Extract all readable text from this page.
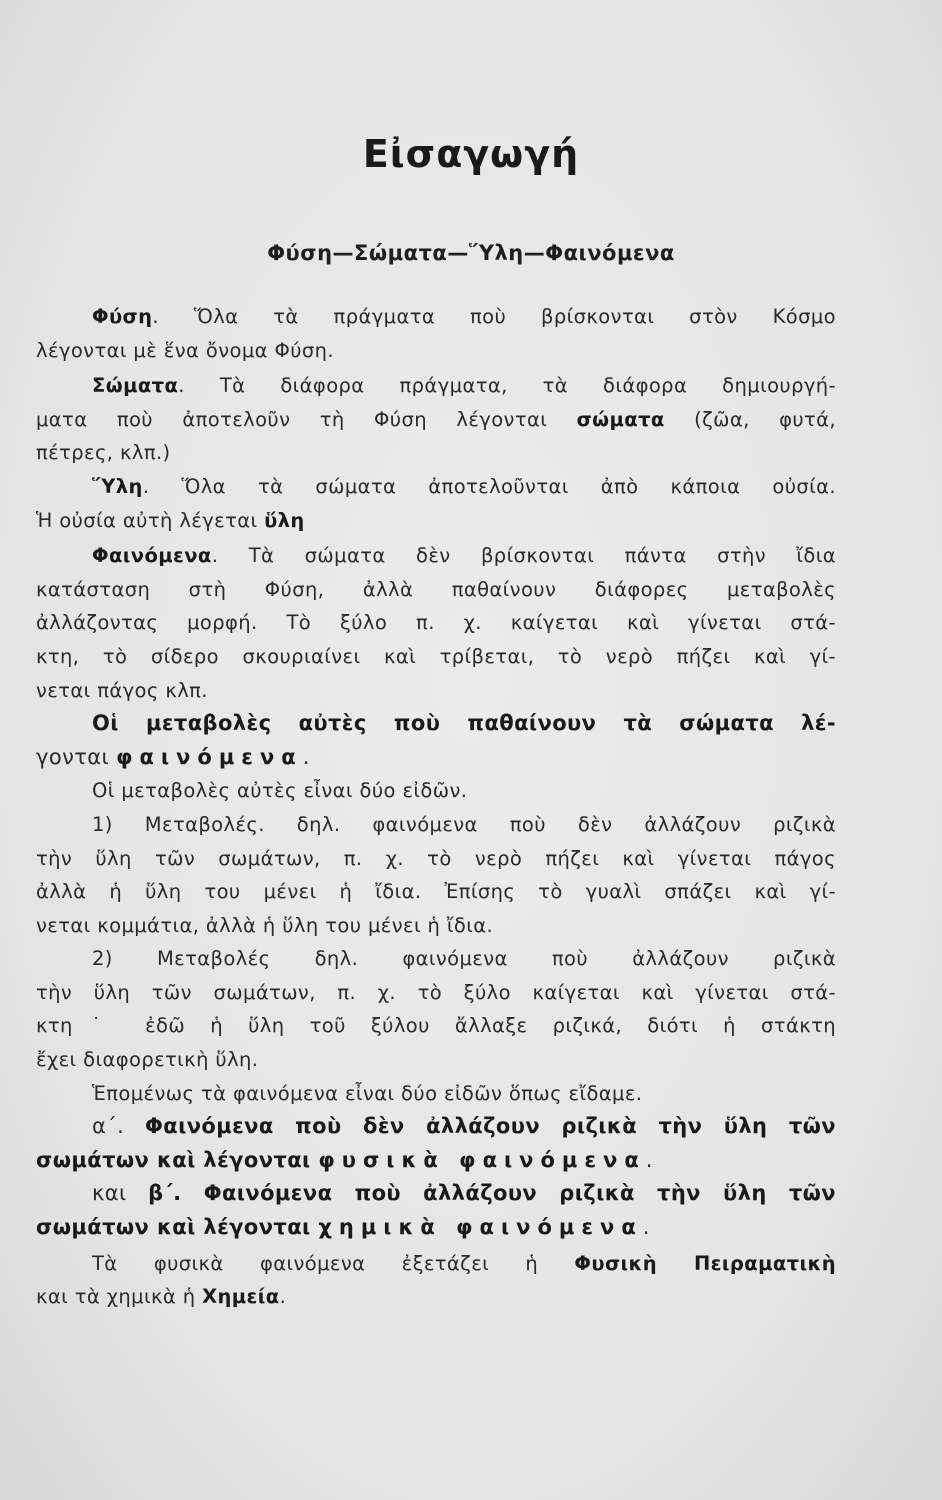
Εἰσαγωγή
Φύση—Σώματα—Ὕλη—Φαινόμενα
Φύση. Ὅλα τὰ πράγματα ποὺ βρίσκονται στὸν Κόσμο
λέγονται μὲ ἕνα ὄνομα Φύση.
Σώματα. Τὰ διάφορα πράγματα, τὰ διάφορα δημιουργή-
ματα ποὺ ἀποτελοῦν τὴ Φύση λέγονται σώματα (ζῶα, φυτά,
πέτρες, κλπ.)
Ὕλη. Ὅλα τὰ σώματα ἀποτελοῦνται ἀπὸ κάποια οὐσία.
Ἡ οὐσία αὐτὴ λέγεται ὕλη
Φαινόμενα. Τὰ σώματα δὲν βρίσκονται πάντα στὴν ἴδια
κατάσταση στὴ Φύση, ἀλλὰ παθαίνουν διάφορες μεταβολὲς
ἀλλάζοντας μορφή. Τὸ ξύλο π. χ. καίγεται καὶ γίνεται στά-
κτη, τὸ σίδερο σκουριαίνει καὶ τρίβεται, τὸ νερὸ πήζει καὶ γί-
νεται πάγος κλπ.
Οἱ μεταβολὲς αὐτὲς ποὺ παθαίνουν τὰ σώματα λέ-
γονται φαινόμενα.
Οἱ μεταβολὲς αὐτὲς εἶναι δύο εἰδῶν.
1) Μεταβολές. δηλ. φαινόμενα ποὺ δὲν ἀλλάζουν ριζικὰ
τὴν ὕλη τῶν σωμάτων, π. χ. τὸ νερὸ πήζει καὶ γίνεται πάγος
ἀλλὰ ἡ ὕλη του μένει ἡ ἴδια. Ἐπίσης τὸ γυαλὶ σπάζει καὶ γί-
νεται κομμάτια, ἀλλὰ ἡ ὕλη του μένει ἡ ἴδια.
2) Μεταβολές δηλ. φαινόμενα ποὺ ἀλλάζουν ριζικὰ
τὴν ὕλη τῶν σωμάτων, π. χ. τὸ ξύλο καίγεται καὶ γίνεται στά-
κτη˙ ἐδῶ ἡ ὕλη τοῦ ξύλου ἄλλαξε ριζικά, διότι ἡ στάκτη
ἔχει διαφορετικὴ ὕλη.
Ἑπομένως τὰ φαινόμενα εἶναι δύο εἰδῶν ὅπως εἴδαμε.
α΄. Φαινόμενα ποὺ δὲν ἀλλάζουν ριζικὰ τὴν ὕλη τῶν
σωμάτων καὶ λέγονται φυσικὰ φαινόμενα.
και β΄. Φαινόμενα ποὺ ἀλλάζουν ριζικὰ τὴν ὕλη τῶν
σωμάτων καὶ λέγονται χημικὰ φαινόμενα.
Τὰ φυσικὰ φαινόμενα ἐξετάζει ἡ Φυσικὴ Πειραματικὴ
και τὰ χημικὰ ἡ Χημεία.
